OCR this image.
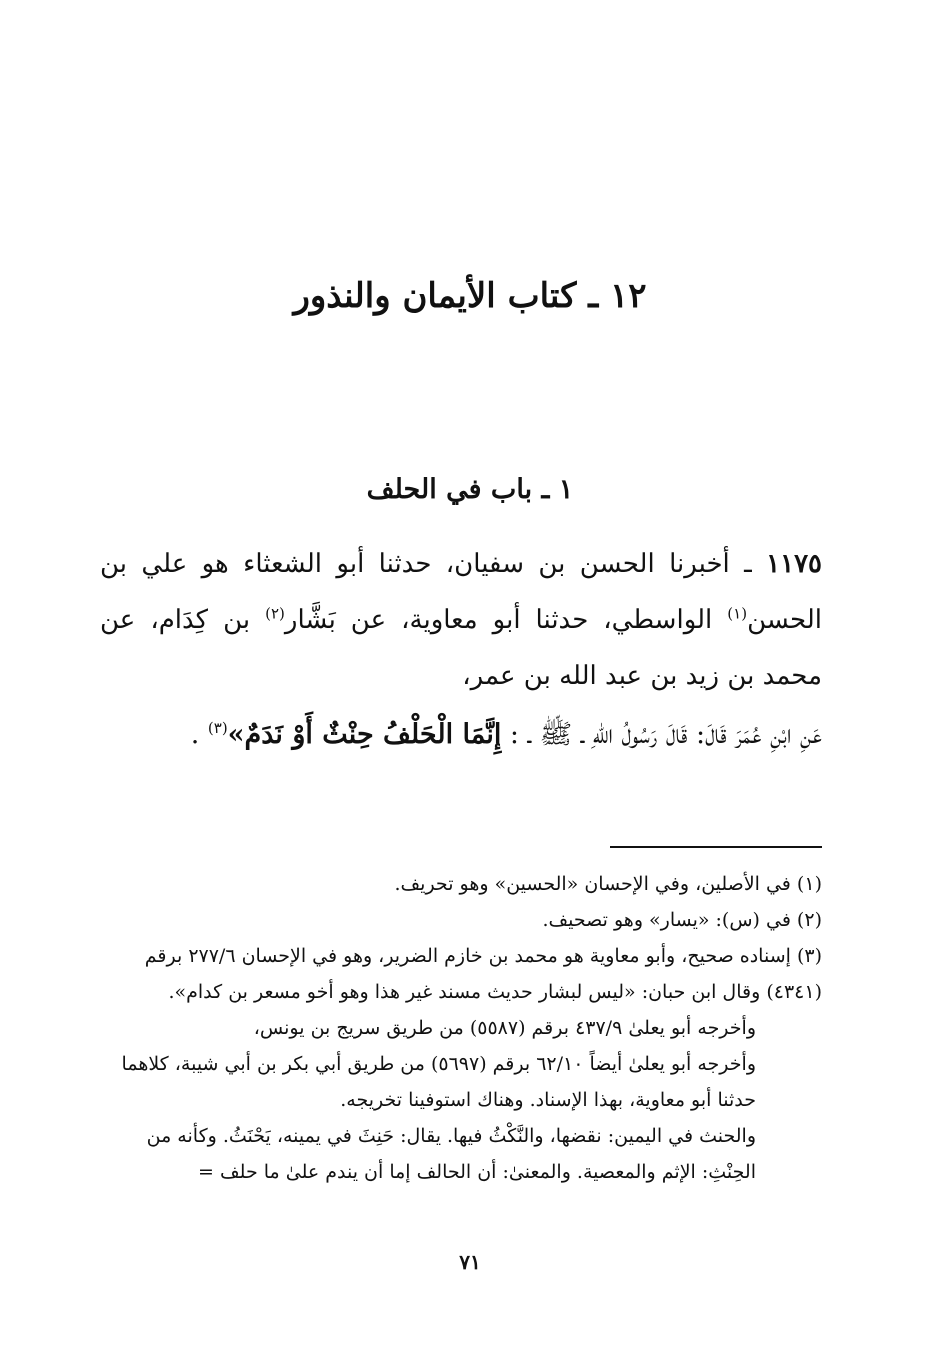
١٢ ـ كتاب الأيمان والنذور
١ ـ باب في الحلف
١١٧٥ ـ أخبرنا الحسن بن سفيان، حدثنا أبو الشعثاء هو علي بن الحسن$^{(١)}$ الواسطي، حدثنا أبو معاوية، عن بَشَّار$^{(٢)}$ بن كِدَام، عن محمد بن زيد بن عبد الله بن عمر،
عَنِ ابْنِ عُمَرَ قَالَ: قَالَ رَسُولُ اللهِ ـ ﷺ ـ : إِنَّمَا الْحَلْفُ حِنْثٌ أَوْ نَدَمٌ»$^{(٣)}$ .

(١) في الأصلين، وفي الإحسان «الحسين» وهو تحريف.

(٢) في (س): «يسار» وهو تصحيف.

(٣) إسناده صحيح، وأبو معاوية هو محمد بن خازم الضرير، وهو في الإحسان ٢٧٧/٦ برقم (٤٣٤١) وقال ابن حبان: «ليس لبشار حديث مسند غير هذا وهو أخو مسعر بن كدام».

وأخرجه أبو يعلىٰ ٤٣٧/٩ برقم (٥٥٨٧) من طريق سريج بن يونس،

وأخرجه أبو يعلىٰ أيضاً ٦٢/١٠ برقم (٥٦٩٧) من طريق أبي بكر بن أبي شيبة، كلاهما حدثنا أبو معاوية، بهذا الإسناد. وهناك استوفينا تخريجه.

والحنث في اليمين: نقضها، والنَّكْثُ فيها. يقال: حَنِثَ في يمينه، يَحْنَثُ. وكأنه من الحِنْثِ: الإثم والمعصية. والمعنىٰ: أن الحالف إما أن يندم علىٰ ما حلف =

٧١
